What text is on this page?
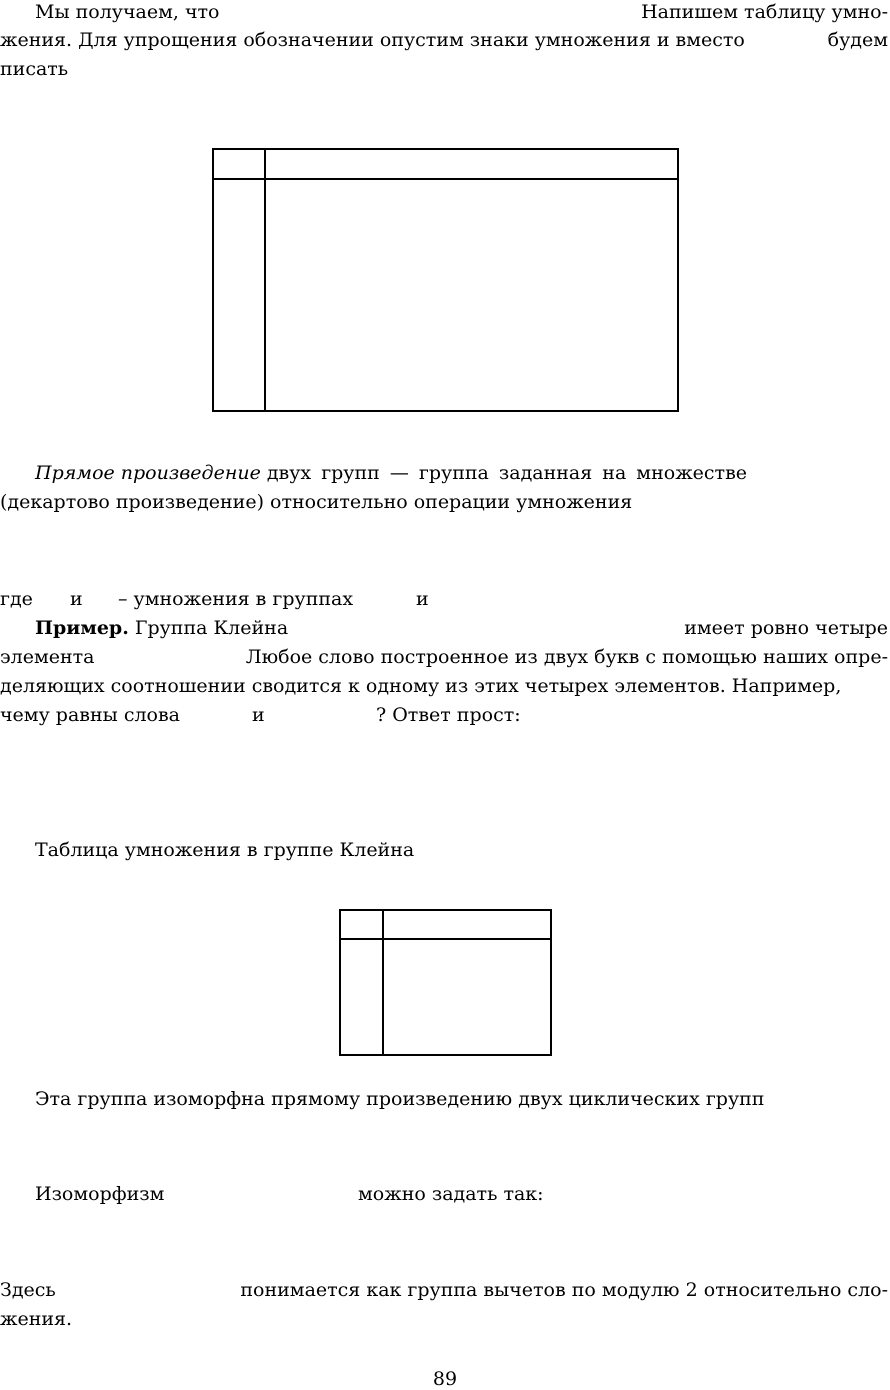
Мы получаем, что	Напишем таблицу умно-
жения. Для упрощения обозначении опустим знаки умножения и вместо	будем
писать
Прямое произведение двух групп — группа заданная на множестве
(декартово произведение) относительно операции умножения
где и – умножения в группах	и
Пример. Группа Клейна	имеет ровно четыре
элемента	Любое слово построенное из двух букв с помощью наших опре-
деляющих соотношении сводится к одному из этих четырех элементов. Например,
чему равны слова	и	? Ответ прост:
Таблица умножения в группе Клейна
Эта группа изоморфна прямому произведению двух циклических групп
Изоморфизм	можно задать так:
Здесь	понимается как группа вычетов по модулю 2 относительно сло-
жения.
89
